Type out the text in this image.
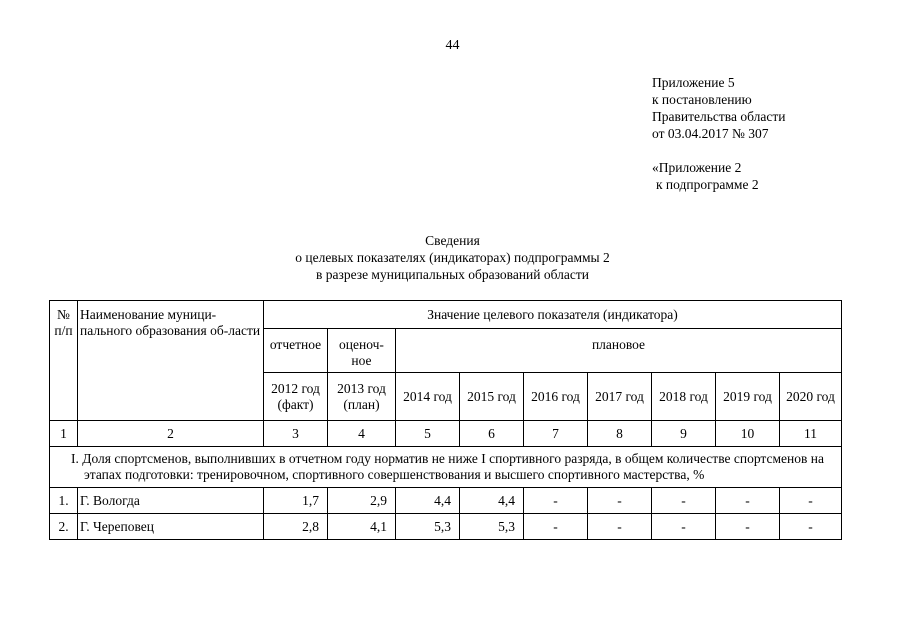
44
Приложение 5
к постановлению
Правительства области
от 03.04.2017 № 307
«Приложение 2
к подпрограмме 2
Сведения
о целевых показателях (индикаторах) подпрограммы 2
в разрезе муниципальных образований области
№ п/п	Наименование муници-пального образования об-ласти	Значение целевого показателя (индикатора)								
		отчетное	оценоч-ное	плановое						
		2012 год (факт)	2013 год (план)	2014 год	2015 год	2016 год	2017 год	2018 год	2019 год	2020 год
1	2	3	4	5	6	7	8	9	10	11

I. Доля спортсменов, выполнивших в отчетном году норматив не ниже I спортивного разряда, в общем количестве спортсменов на этапах подготовки: тренировочном, спортивного совершенствования и высшего спортивного мастерства, %										

1.	Г. Вологда	1,7	2,9	4,4	4,4	-	-	-	-	-
2.	Г. Череповец	2,8	4,1	5,3	5,3	-	-	-	-	-
